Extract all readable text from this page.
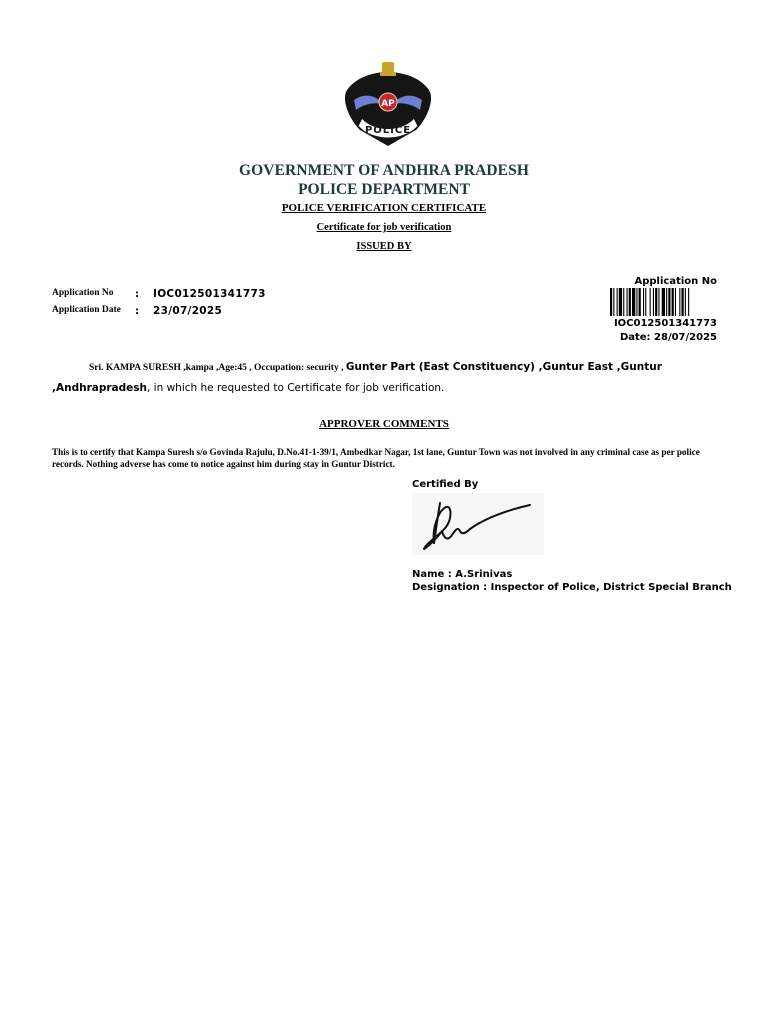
AP
POLICE
GOVERNMENT OF ANDHRA PRADESH
POLICE DEPARTMENT
POLICE VERIFICATION CERTIFICATE
Certificate for job verification
ISSUED BY
Application No : IOC012501341773
Application Date : 23/07/2025
Application No
IOC012501341773
Date: 28/07/2025
Sri. KAMPA SURESH ,kampa ,Age:45 , Occupation: security , Gunter Part (East Constituency) ,Guntur East ,Guntur
,Andhrapradesh, in which he requested to Certificate for job verification.
APPROVER COMMENTS
This is to certify that Kampa Suresh s/o Govinda Rajulu, D.No.41-1-39/1, Ambedkar Nagar, 1st lane, Guntur Town was not involved in any criminal case as per police records. Nothing adverse has come to notice against him during stay in Guntur District.
Certified By
Name : A.Srinivas
Designation : Inspector of Police, District Special Branch
